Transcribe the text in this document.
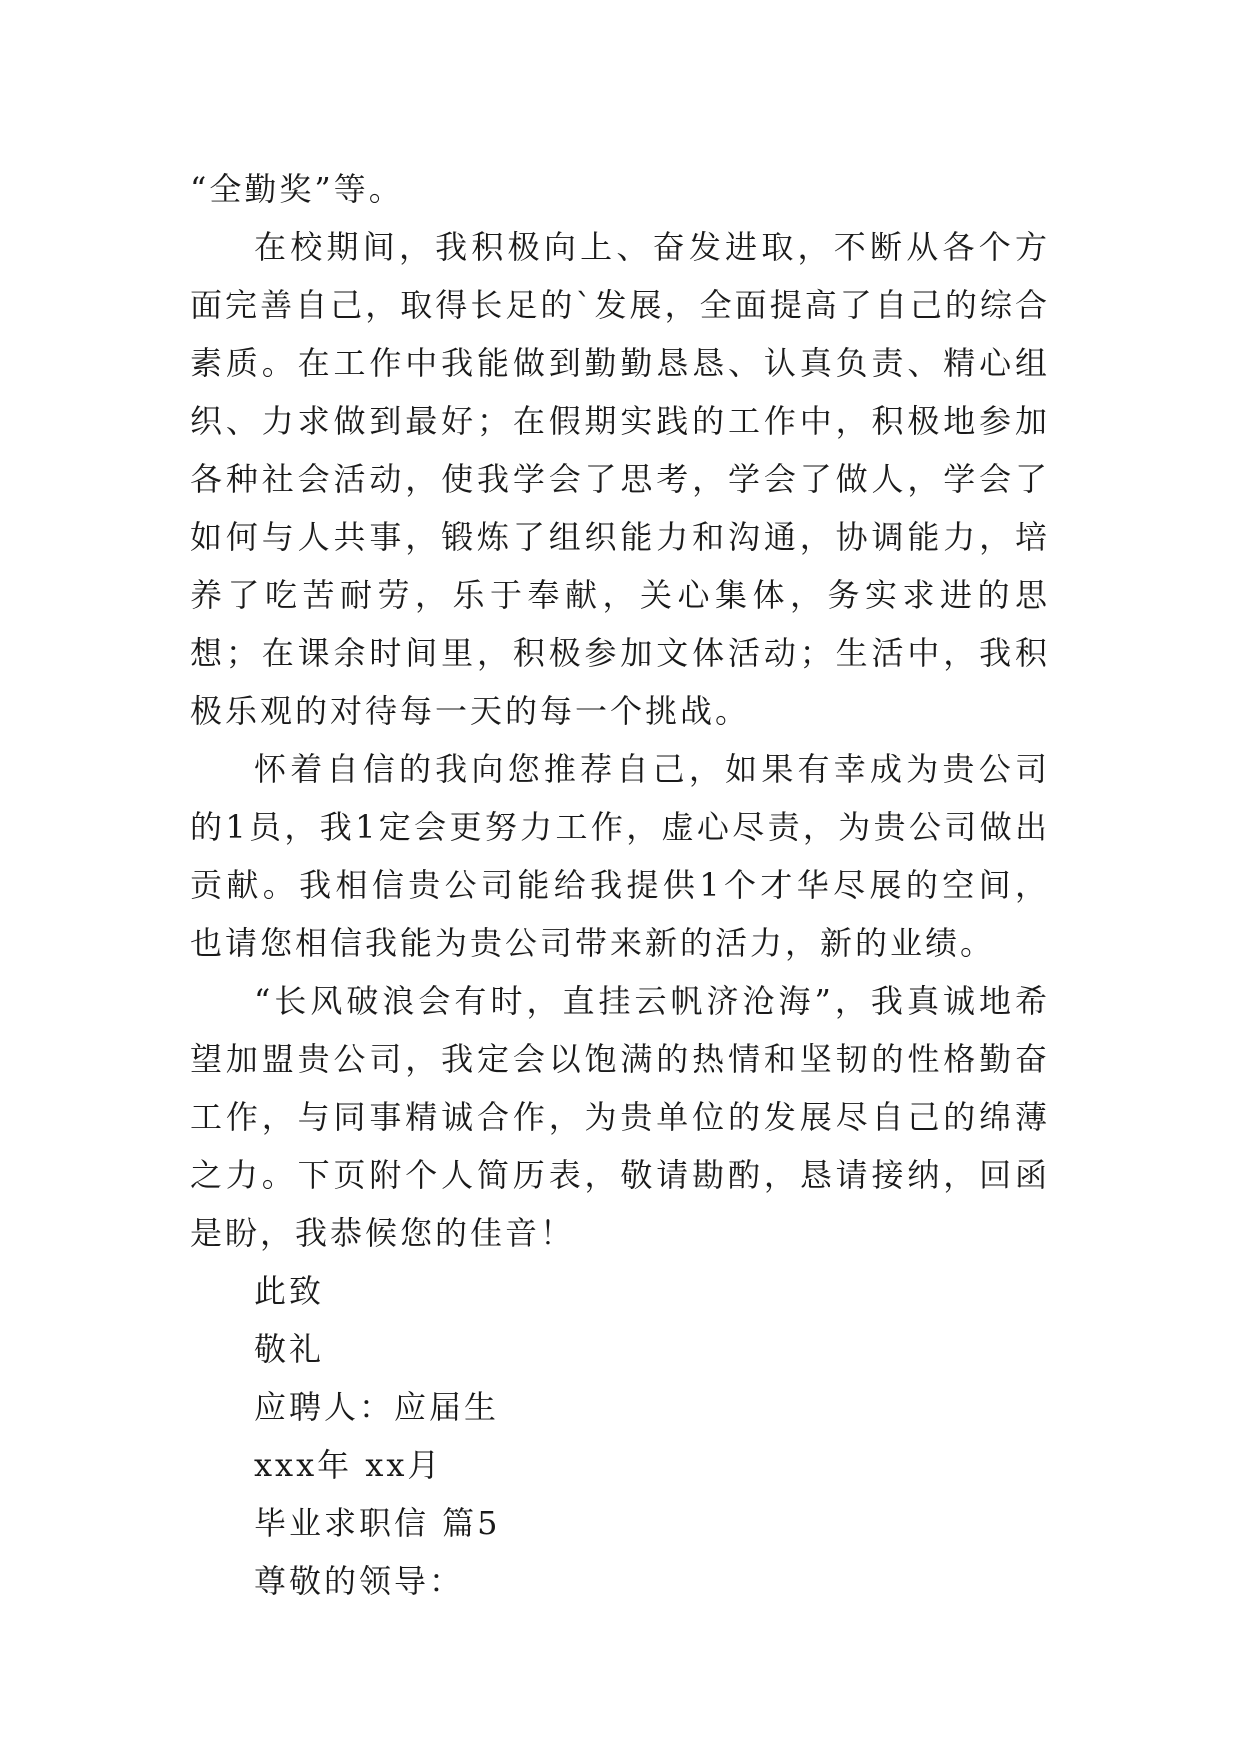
“全勤奖”等。

在校期间，我积极向上、奋发进取，不断从各个方面完善自己，取得长足的`发展，全面提高了自己的综合素质。在工作中我能做到勤勤恳恳、认真负责、精心组织、力求做到最好；在假期实践的工作中，积极地参加各种社会活动，使我学会了思考，学会了做人，学会了如何与人共事，锻炼了组织能力和沟通，协调能力，培养了吃苦耐劳，乐于奉献，关心集体，务实求进的思想；在课余时间里，积极参加文体活动；生活中，我积极乐观的对待每一天的每一个挑战。

怀着自信的我向您推荐自己，如果有幸成为贵公司的1员，我1定会更努力工作，虚心尽责，为贵公司做出贡献。我相信贵公司能给我提供1个才华尽展的空间，也请您相信我能为贵公司带来新的活力，新的业绩。

“长风破浪会有时，直挂云帆济沧海”，我真诚地希望加盟贵公司，我定会以饱满的热情和坚韧的性格勤奋工作，与同事精诚合作，为贵单位的发展尽自己的绵薄之力。下页附个人简历表，敬请勘酌，恳请接纳，回函是盼，我恭候您的佳音！

此致

敬礼

应聘人：应届生

xxx年 xx月

毕业求职信 篇5

尊敬的领导：
